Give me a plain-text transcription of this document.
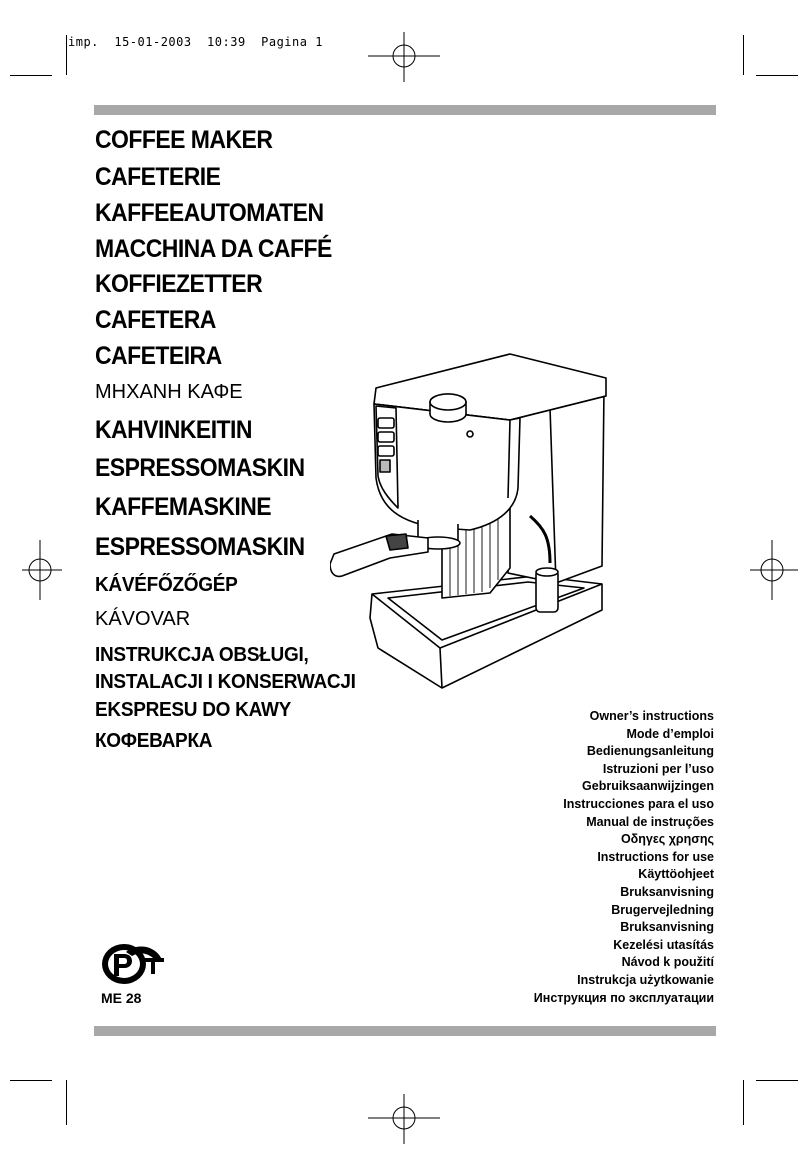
imp.  15-01-2003  10:39  Pagina 1
COFFEE MAKER
CAFETERIE
KAFFEEAUTOMATEN
MACCHINA DA CAFFÉ
KOFFIEZETTER
CAFETERA
CAFETEIRA
ΜΗΧΑΝΗ ΚΑΦΕ
KAHVINKEITIN
ESPRESSOMASKIN
KAFFEMASKINE
ESPRESSOMASKIN
KÁVÉFŐZŐGÉP
KÁVOVAR
INSTRUKCJA OBSŁUGI,
INSTALACJI I KONSERWACJI
EKSPRESU DO KAWY
КОФЕВАРКА
Owner’s instructions
Mode d’emploi
Bedienungsanleitung
Istruzioni per l’uso
Gebruiksaanwijzingen
Instrucciones para el uso
Manual de instruções
Οδηγες χρησης
Instructions for use
Käyttöohjeet
Bruksanvisning
Brugervejledning
Bruksanvisning
Kezelési utasítás
Návod k použití
Instrukcja użytkowanie
Инструкция по эксплуатации
ME 28
